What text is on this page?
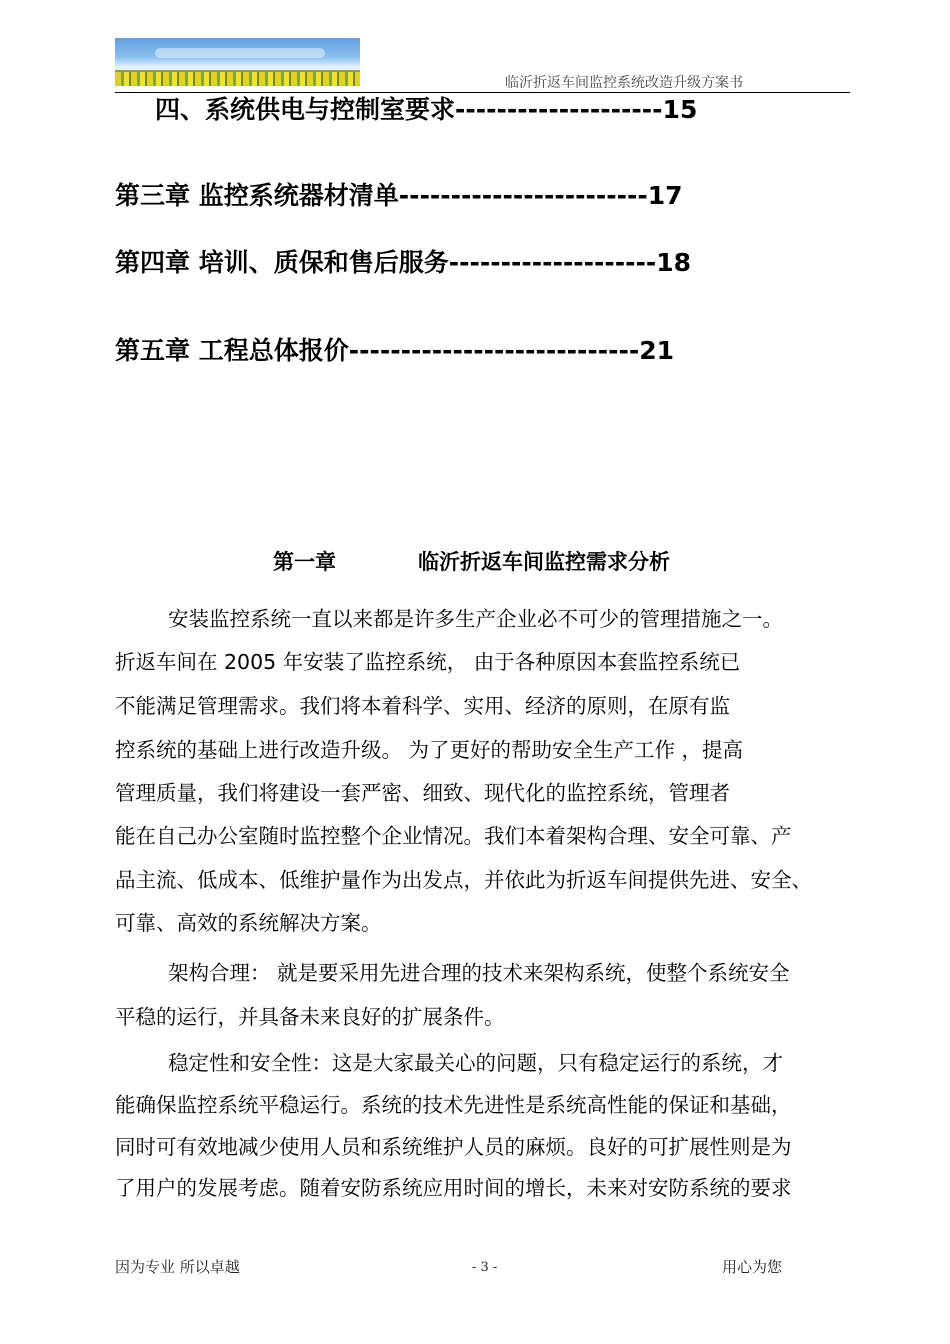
临沂折返车间监控系统改造升级方案书
四、系统供电与控制室要求--------------------15
第三章 监控系统器材清单------------------------17
第四章 培训、质保和售后服务--------------------18
第五章 工程总体报价----------------------------21
第一章	临沂折返车间监控需求分析
安装监控系统一直以来都是许多生产企业必不可少的管理措施之一。
折返车间在 2005 年安装了监控系统， 由于各种原因本套监控系统已
不能满足管理需求。我们将本着科学、实用、经济的原则，在原有监
控系统的基础上进行改造升级。 为了更好的帮助安全生产工作 ，提高
管理质量，我们将建设一套严密、细致、现代化的监控系统，管理者
能在自己办公室随时监控整个企业情况。我们本着架构合理、安全可靠、产
品主流、低成本、低维护量作为出发点，并依此为折返车间提供先进、安全、
可靠、高效的系统解决方案。
架构合理： 就是要采用先进合理的技术来架构系统，使整个系统安全
平稳的运行，并具备未来良好的扩展条件。
稳定性和安全性：这是大家最关心的问题，只有稳定运行的系统，才
能确保监控系统平稳运行。系统的技术先进性是系统高性能的保证和基础，
同时可有效地减少使用人员和系统维护人员的麻烦。良好的可扩展性则是为
了用户的发展考虑。随着安防系统应用时间的增长，未来对安防系统的要求
因为专业 所以卓越	- 3 -	用心为您
